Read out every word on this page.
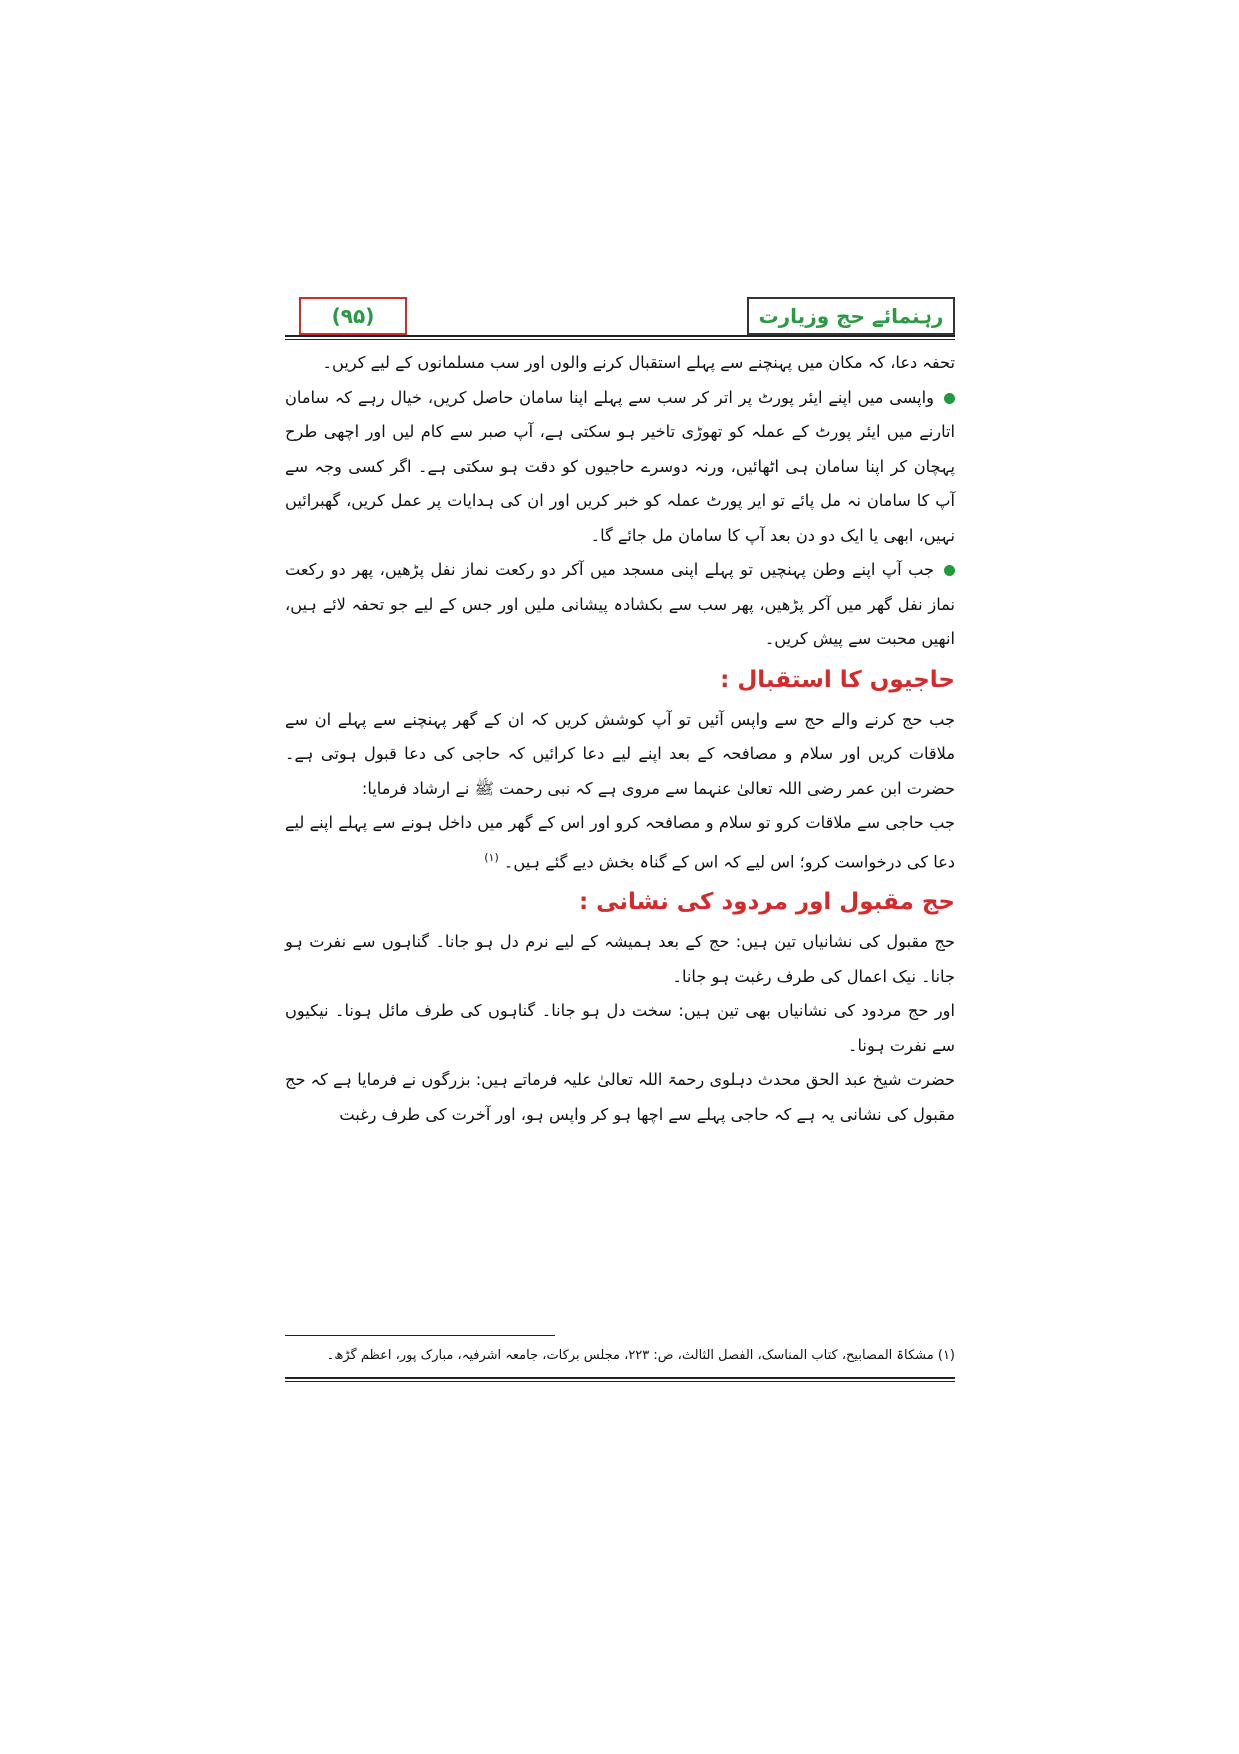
(۹۵)	رہنمائے حج وزیارت

تحفہ دعا، کہ مکان میں پہنچنے سے پہلے استقبال کرنے والوں اور سب مسلمانوں کے لیے کریں۔

واپسی میں اپنے ایئر پورٹ پر اتر کر سب سے پہلے اپنا سامان حاصل کریں، خیال رہے کہ سامان اتارنے میں ایئر پورٹ کے عملہ کو تھوڑی تاخیر ہو سکتی ہے، آپ صبر سے کام لیں اور اچھی طرح پہچان کر اپنا سامان ہی اٹھائیں، ورنہ دوسرے حاجیوں کو دقت ہو سکتی ہے۔ اگر کسی وجہ سے آپ کا سامان نہ مل پائے تو ایر پورٹ عملہ کو خبر کریں اور ان کی ہدایات پر عمل کریں، گھبرائیں نہیں، ابھی یا ایک دو دن بعد آپ کا سامان مل جائے گا۔

جب آپ اپنے وطن پہنچیں تو پہلے اپنی مسجد میں آکر دو رکعت نماز نفل پڑھیں، پھر دو رکعت نماز نفل گھر میں آکر پڑھیں، پھر سب سے بکشادہ پیشانی ملیں اور جس کے لیے جو تحفہ لائے ہیں، انھیں محبت سے پیش کریں۔

حاجیوں کا استقبال :

جب حج کرنے والے حج سے واپس آئیں تو آپ کوشش کریں کہ ان کے گھر پہنچنے سے پہلے ان سے ملاقات کریں اور سلام و مصافحہ کے بعد اپنے لیے دعا کرائیں کہ حاجی کی دعا قبول ہوتی ہے۔ حضرت ابن عمر رضی اللہ تعالیٰ عنہما سے مروی ہے کہ نبی رحمت ﷺ نے ارشاد فرمایا:

جب حاجی سے ملاقات کرو تو سلام و مصافحہ کرو اور اس کے گھر میں داخل ہونے سے پہلے اپنے لیے دعا کی درخواست کرو؛ اس لیے کہ اس کے گناہ بخش دیے گئے ہیں۔ $^{(۱)}$

حج مقبول اور مردود کی نشانی :

حج مقبول کی نشانیاں تین ہیں: حج کے بعد ہمیشہ کے لیے نرم دل ہو جانا۔ گناہوں سے نفرت ہو جانا۔ نیک اعمال کی طرف رغبت ہو جانا۔

اور حج مردود کی نشانیاں بھی تین ہیں: سخت دل ہو جانا۔ گناہوں کی طرف مائل ہونا۔ نیکیوں سے نفرت ہونا۔

حضرت شیخ عبد الحق محدث دہلوی رحمۃ اللہ تعالیٰ علیہ فرماتے ہیں: بزرگوں نے فرمایا ہے کہ حج مقبول کی نشانی یہ ہے کہ حاجی پہلے سے اچھا ہو کر واپس ہو، اور آخرت کی طرف رغبت

(۱) مشکاۃ المصابیح، کتاب المناسک، الفصل الثالث، ص: ۲۲۳، مجلس برکات، جامعہ اشرفیہ، مبارک پور، اعظم گڑھ۔
